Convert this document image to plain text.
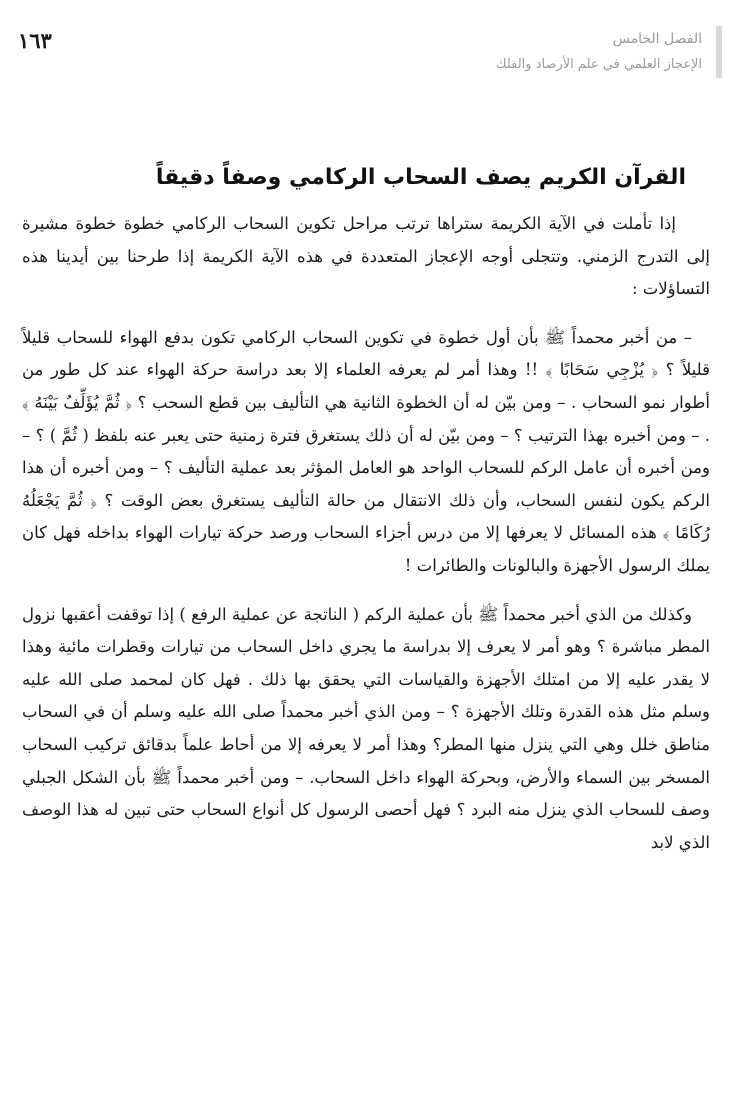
١٦٣	الفصل الخامس
الإعجاز العلمي في علم الأرصاد والفلك
القرآن الكريم يصف السحاب الركامي وصفاً دقيقاً

إذا تأملت في الآية الكريمة ستراها ترتب مراحل تكوين السحاب الركامي خطوة خطوة مشيرة إلى التدرج الزمني. وتتجلى أوجه الإعجاز المتعددة في هذه الآية الكريمة إذا طرحنا بين أيدينا هذه التساؤلات :

– من أخبر محمداً ﷺ بأن أول خطوة في تكوين السحاب الركامي تكون بدفع الهواء للسحاب قليلاً قليلاً ؟ ﴿ يُزْجِي سَحَابًا ﴾ !! وهذا أمر لم يعرفه العلماء إلا بعد دراسة حركة الهواء عند كل طور من أطوار نمو السحاب . – ومن بيّن له أن الخطوة الثانية هي التأليف بين قطع السحب ؟ ﴿ ثُمَّ يُؤَلِّفُ بَيْنَهُ ﴾ . – ومن أخبره بهذا الترتيب ؟ – ومن بيّن له أن ذلك يستغرق فترة زمنية حتى يعبر عنه بلفظ ( ثُمَّ ) ؟ – ومن أخبره أن عامل الركم للسحاب الواحد هو العامل المؤثر بعد عملية التأليف ؟ – ومن أخبره أن هذا الركم يكون لنفس السحاب، وأن ذلك الانتقال من حالة التأليف يستغرق بعض الوقت ؟ ﴿ ثُمَّ يَجْعَلُهُ رُكَامًا ﴾ هذه المسائل لا يعرفها إلا من درس أجزاء السحاب ورصد حركة تيارات الهواء بداخله فهل كان يملك الرسول الأجهزة والبالونات والطائرات !

وكذلك من الذي أخبر محمداً ﷺ بأن عملية الركم ( الناتجة عن عملية الرفع ) إذا توقفت أعقبها نزول المطر مباشرة ؟ وهو أمر لا يعرف إلا بدراسة ما يجري داخل السحاب من تيارات وقطرات مائية وهذا لا يقدر عليه إلا من امتلك الأجهزة والقياسات التي يحقق بها ذلك . فهل كان لمحمد صلى الله عليه وسلم مثل هذه القدرة وتلك الأجهزة ؟ – ومن الذي أخبر محمداً صلى الله عليه وسلم أن في السحاب مناطق خلل وهي التي ينزل منها المطر؟ وهذا أمر لا يعرفه إلا من أحاط علماً بدقائق تركيب السحاب المسخر بين السماء والأرض، وبحركة الهواء داخل السحاب. – ومن أخبر محمداً ﷺ بأن الشكل الجبلي وصف للسحاب الذي ينزل منه البرد ؟ فهل أحصى الرسول كل أنواع السحاب حتى تبين له هذا الوصف الذي لابد
